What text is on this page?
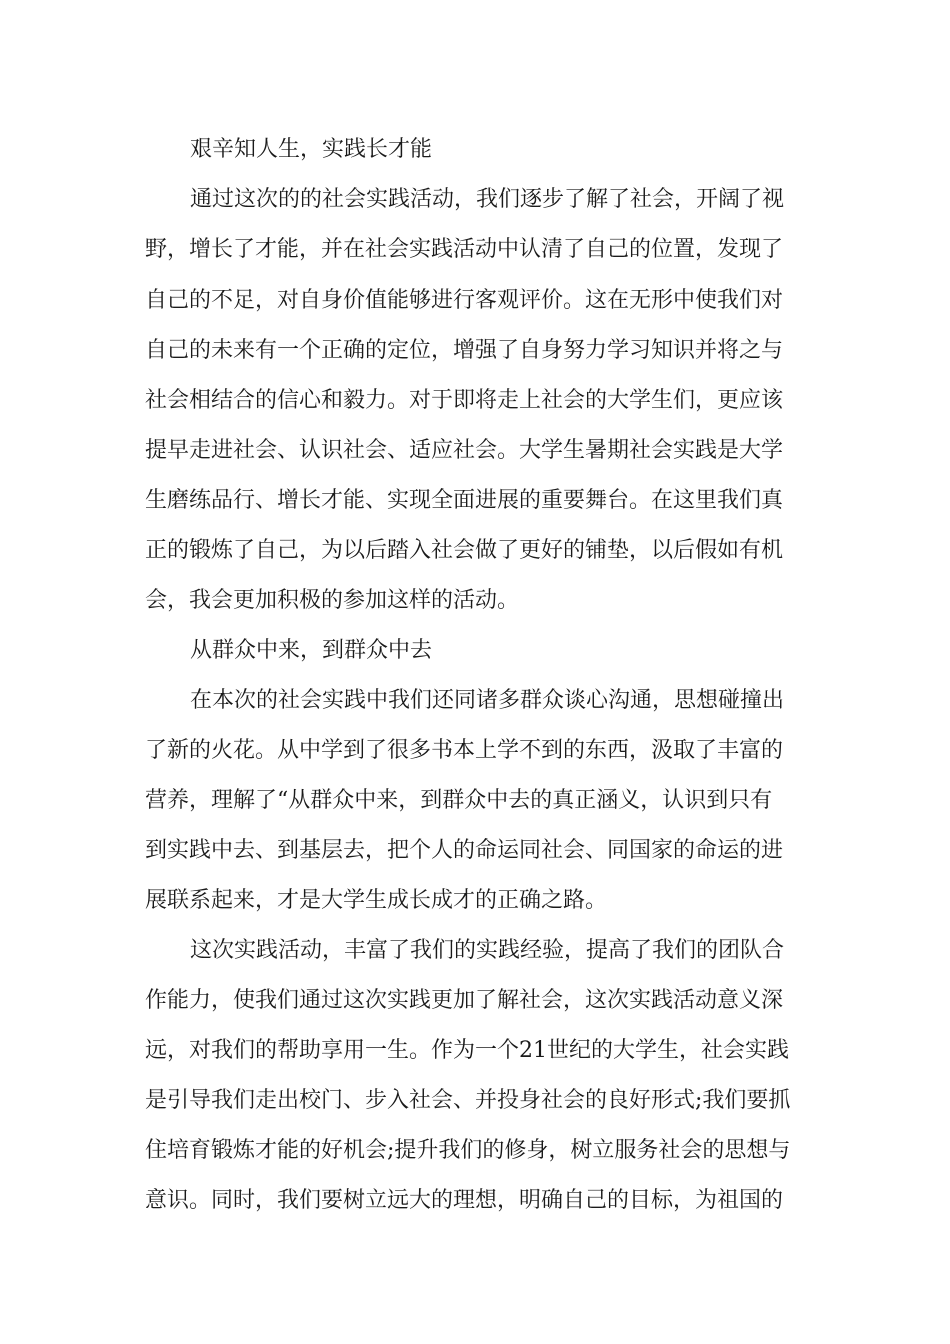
艰辛知人生，实践长才能
通过这次的的社会实践活动，我们逐步了解了社会，开阔了视
野，增长了才能，并在社会实践活动中认清了自己的位置，发现了
自己的不足，对自身价值能够进行客观评价。这在无形中使我们对
自己的未来有一个正确的定位，增强了自身努力学习知识并将之与
社会相结合的信心和毅力。对于即将走上社会的大学生们，更应该
提早走进社会、认识社会、适应社会。大学生暑期社会实践是大学
生磨练品行、增长才能、实现全面进展的重要舞台。在这里我们真
正的锻炼了自己，为以后踏入社会做了更好的铺垫，以后假如有机
会，我会更加积极的参加这样的活动。
从群众中来，到群众中去
在本次的社会实践中我们还同诸多群众谈心沟通，思想碰撞出
了新的火花。从中学到了很多书本上学不到的东西，汲取了丰富的
营养，理解了“从群众中来，到群众中去的真正涵义，认识到只有
到实践中去、到基层去，把个人的命运同社会、同国家的命运的进
展联系起来，才是大学生成长成才的正确之路。
这次实践活动，丰富了我们的实践经验，提高了我们的团队合
作能力，使我们通过这次实践更加了解社会，这次实践活动意义深
远，对我们的帮助享用一生。作为一个21世纪的大学生，社会实践
是引导我们走出校门、步入社会、并投身社会的良好形式;我们要抓
住培育锻炼才能的好机会;提升我们的修身，树立服务社会的思想与
意识。同时，我们要树立远大的理想，明确自己的目标，为祖国的
